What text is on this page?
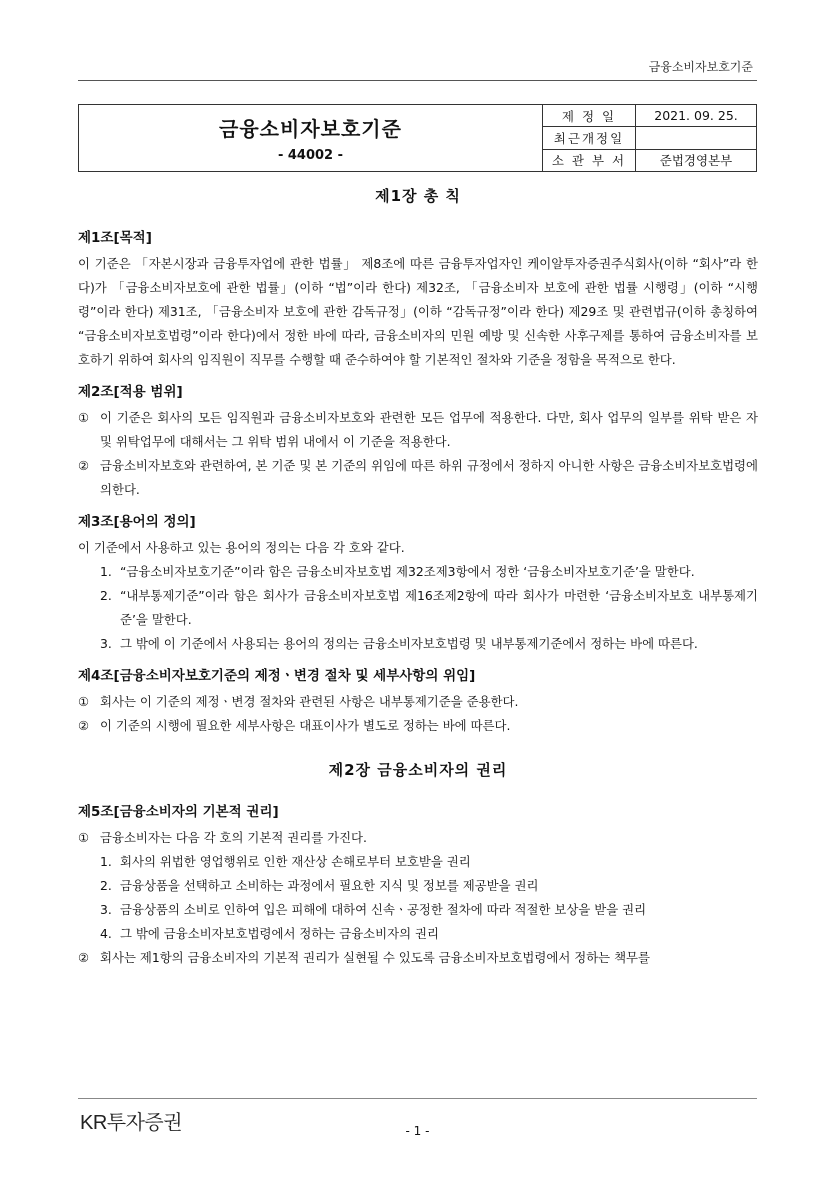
금융소비자보호기준
금융소비자보호기준
- 44002 -
제 정 일	2021. 09. 25.
최근개정일
소 관 부 서	준법경영본부
제1장 총 칙
제1조[목적]

이 기준은 「자본시장과 금융투자업에 관한 법률」 제8조에 따른 금융투자업자인 케이알투자증권주식회사(이하 “회사”라 한다)가 「금융소비자보호에 관한 법률」(이하 “법”이라 한다) 제32조, 「금융소비자 보호에 관한 법률 시행령」(이하 “시행령”이라 한다) 제31조, 「금융소비자 보호에 관한 감독규정」(이하 “감독규정”이라 한다) 제29조 및 관련법규(이하 총칭하여 “금융소비자보호법령”이라 한다)에서 정한 바에 따라, 금융소비자의 민원 예방 및 신속한 사후구제를 통하여 금융소비자를 보호하기 위하여 회사의 임직원이 직무를 수행할 때 준수하여야 할 기본적인 절차와 기준을 정함을 목적으로 한다.

제2조[적용 범위]
① 이 기준은 회사의 모든 임직원과 금융소비자보호와 관련한 모든 업무에 적용한다. 다만, 회사 업무의 일부를 위탁 받은 자 및 위탁업무에 대해서는 그 위탁 범위 내에서 이 기준을 적용한다.
② 금융소비자보호와 관련하여, 본 기준 및 본 기준의 위임에 따른 하위 규정에서 정하지 아니한 사항은 금융소비자보호법령에 의한다.
제3조[용어의 정의]

이 기준에서 사용하고 있는 용어의 정의는 다음 각 호와 같다.

1. “금융소비자보호기준”이라 함은 금융소비자보호법 제32조제3항에서 정한 ‘금융소비자보호기준’을 말한다.
2. “내부통제기준”이라 함은 회사가 금융소비자보호법 제16조제2항에 따라 회사가 마련한 ‘금융소비자보호 내부통제기준’을 말한다.
3. 그 밖에 이 기준에서 사용되는 용어의 정의는 금융소비자보호법령 및 내부통제기준에서 정하는 바에 따른다.
제4조[금융소비자보호기준의 제정ㆍ변경 절차 및 세부사항의 위임]
① 회사는 이 기준의 제정ㆍ변경 절차와 관련된 사항은 내부통제기준을 준용한다.
② 이 기준의 시행에 필요한 세부사항은 대표이사가 별도로 정하는 바에 따른다.
제2장 금융소비자의 권리
제5조[금융소비자의 기본적 권리]
① 금융소비자는 다음 각 호의 기본적 권리를 가진다.
1. 회사의 위법한 영업행위로 인한 재산상 손해로부터 보호받을 권리
2. 금융상품을 선택하고 소비하는 과정에서 필요한 지식 및 정보를 제공받을 권리
3. 금융상품의 소비로 인하여 입은 피해에 대하여 신속ㆍ공정한 절차에 따라 적절한 보상을 받을 권리
4. 그 밖에 금융소비자보호법령에서 정하는 금융소비자의 권리
② 회사는 제1항의 금융소비자의 기본적 권리가 실현될 수 있도록 금융소비자보호법령에서 정하는 책무를
KR투자증권	- 1 -
